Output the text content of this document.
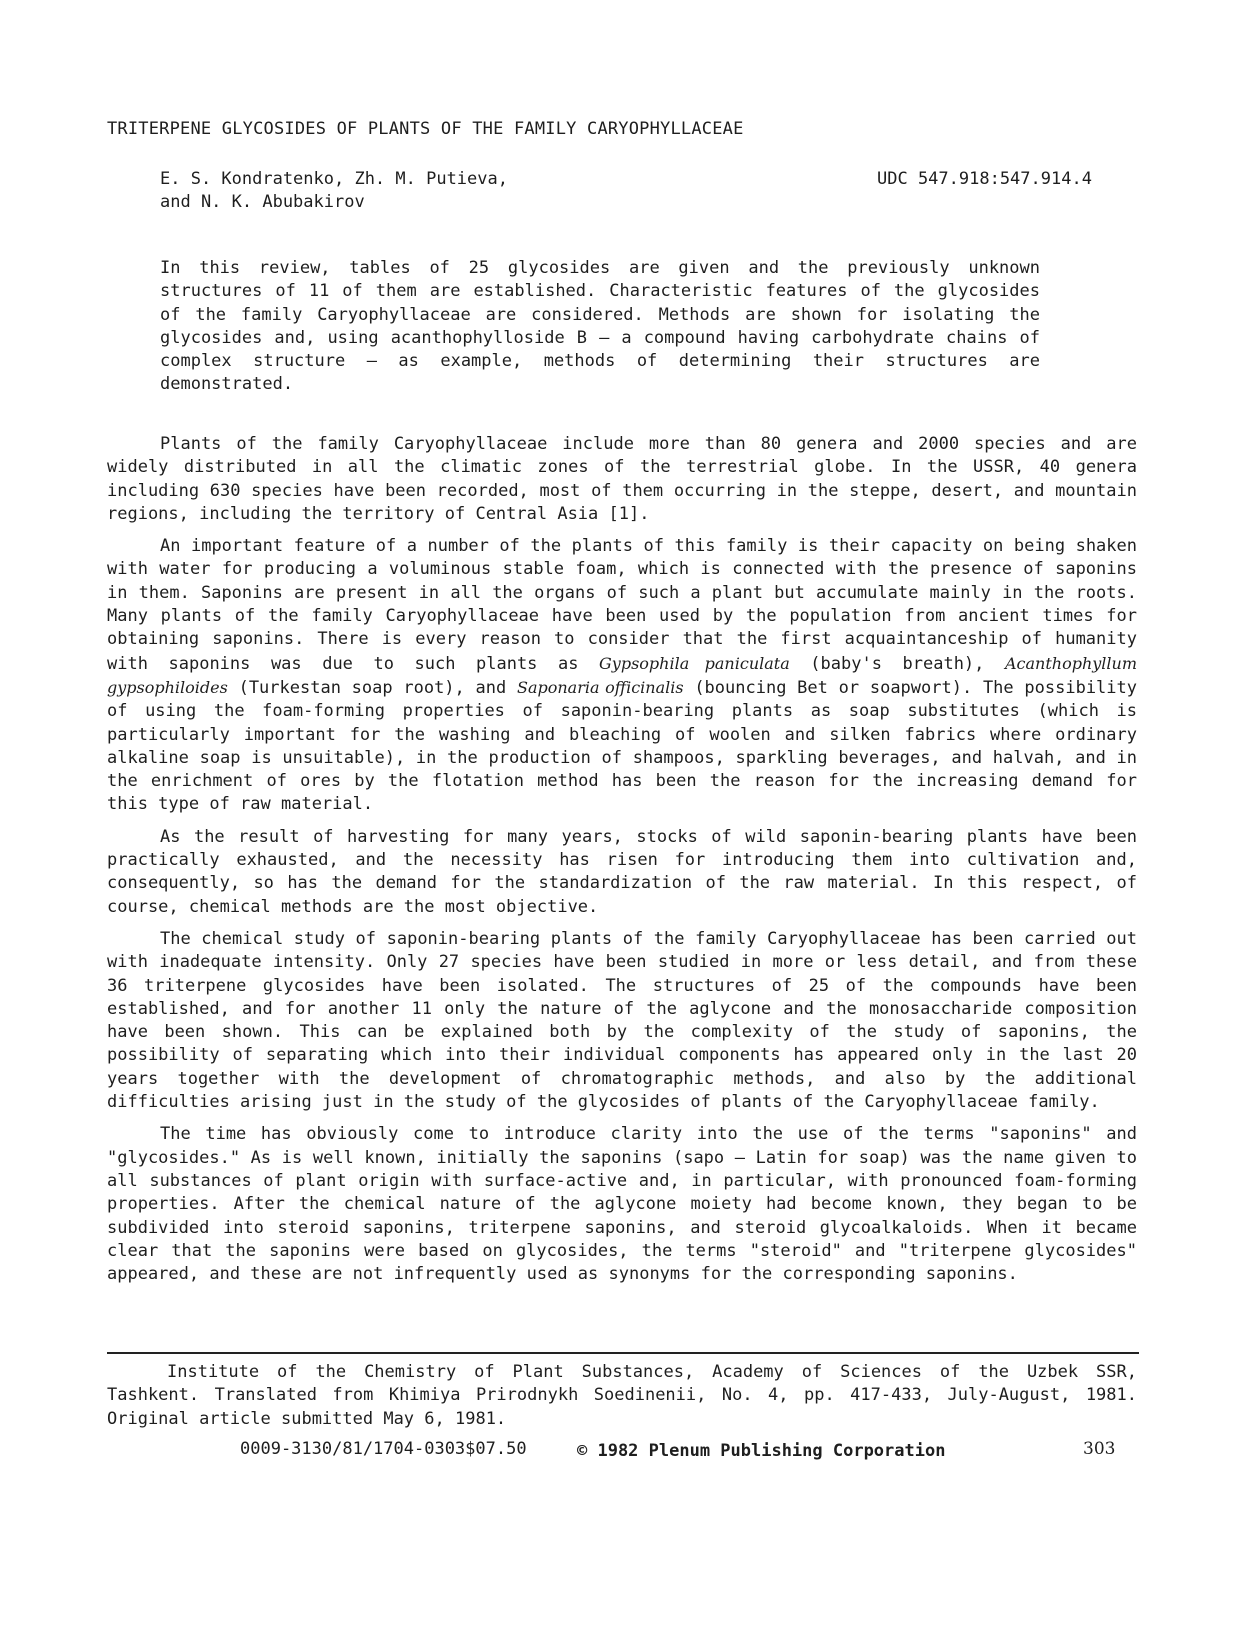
TRITERPENE GLYCOSIDES OF PLANTS OF THE FAMILY CARYOPHYLLACEAE
E. S. Kondratenko, Zh. M. Putieva,
and N. K. Abubakirov
UDC 547.918:547.914.4
In this review, tables of 25 glycosides are given and the previously unknown structures of 11 of them are established. Characteristic features of the glycosides of the family Caryophyllaceae are considered. Methods are shown for isolating the glycosides and, using acanthophylloside B — a compound having carbohydrate chains of complex structure — as example, methods of determining their structures are demonstrated.

Plants of the family Caryophyllaceae include more than 80 genera and 2000 species and are widely distributed in all the climatic zones of the terrestrial globe. In the USSR, 40 genera including 630 species have been recorded, most of them occurring in the steppe, desert, and mountain regions, including the territory of Central Asia [1].

An important feature of a number of the plants of this family is their capacity on being shaken with water for producing a voluminous stable foam, which is connected with the presence of saponins in them. Saponins are present in all the organs of such a plant but accumulate mainly in the roots. Many plants of the family Caryophyllaceae have been used by the population from ancient times for obtaining saponins. There is every reason to consider that the first acquaintanceship of humanity with saponins was due to such plants as Gypsophila paniculata (baby's breath), Acanthophyllum gypsophiloides (Turkestan soap root), and Saponaria officinalis (bouncing Bet or soapwort). The possibility of using the foam-forming properties of saponin-bearing plants as soap substitutes (which is particularly important for the washing and bleaching of woolen and silken fabrics where ordinary alkaline soap is unsuitable), in the production of shampoos, sparkling beverages, and halvah, and in the enrichment of ores by the flotation method has been the reason for the increasing demand for this type of raw material.

As the result of harvesting for many years, stocks of wild saponin-bearing plants have been practically exhausted, and the necessity has risen for introducing them into cultivation and, consequently, so has the demand for the standardization of the raw material. In this respect, of course, chemical methods are the most objective.

The chemical study of saponin-bearing plants of the family Caryophyllaceae has been carried out with inadequate intensity. Only 27 species have been studied in more or less detail, and from these 36 triterpene glycosides have been isolated. The structures of 25 of the compounds have been established, and for another 11 only the nature of the aglycone and the monosaccharide composition have been shown. This can be explained both by the complexity of the study of saponins, the possibility of separating which into their individual components has appeared only in the last 20 years together with the development of chromatographic methods, and also by the additional difficulties arising just in the study of the glycosides of plants of the Caryophyllaceae family.

The time has obviously come to introduce clarity into the use of the terms "saponins" and "glycosides." As is well known, initially the saponins (sapo — Latin for soap) was the name given to all substances of plant origin with surface-active and, in particular, with pronounced foam-forming properties. After the chemical nature of the aglycone moiety had become known, they began to be subdivided into steroid saponins, triterpene saponins, and steroid glycoalkaloids. When it became clear that the saponins were based on glycosides, the terms "steroid" and "triterpene glycosides" appeared, and these are not infrequently used as synonyms for the corresponding saponins.

Institute of the Chemistry of Plant Substances, Academy of Sciences of the Uzbek SSR, Tashkent. Translated from Khimiya Prirodnykh Soedinenii, No. 4, pp. 417-433, July-August, 1981. Original article submitted May 6, 1981.

0009-3130/81/1704-0303$07.50	© 1982 Plenum Publishing Corporation	303
